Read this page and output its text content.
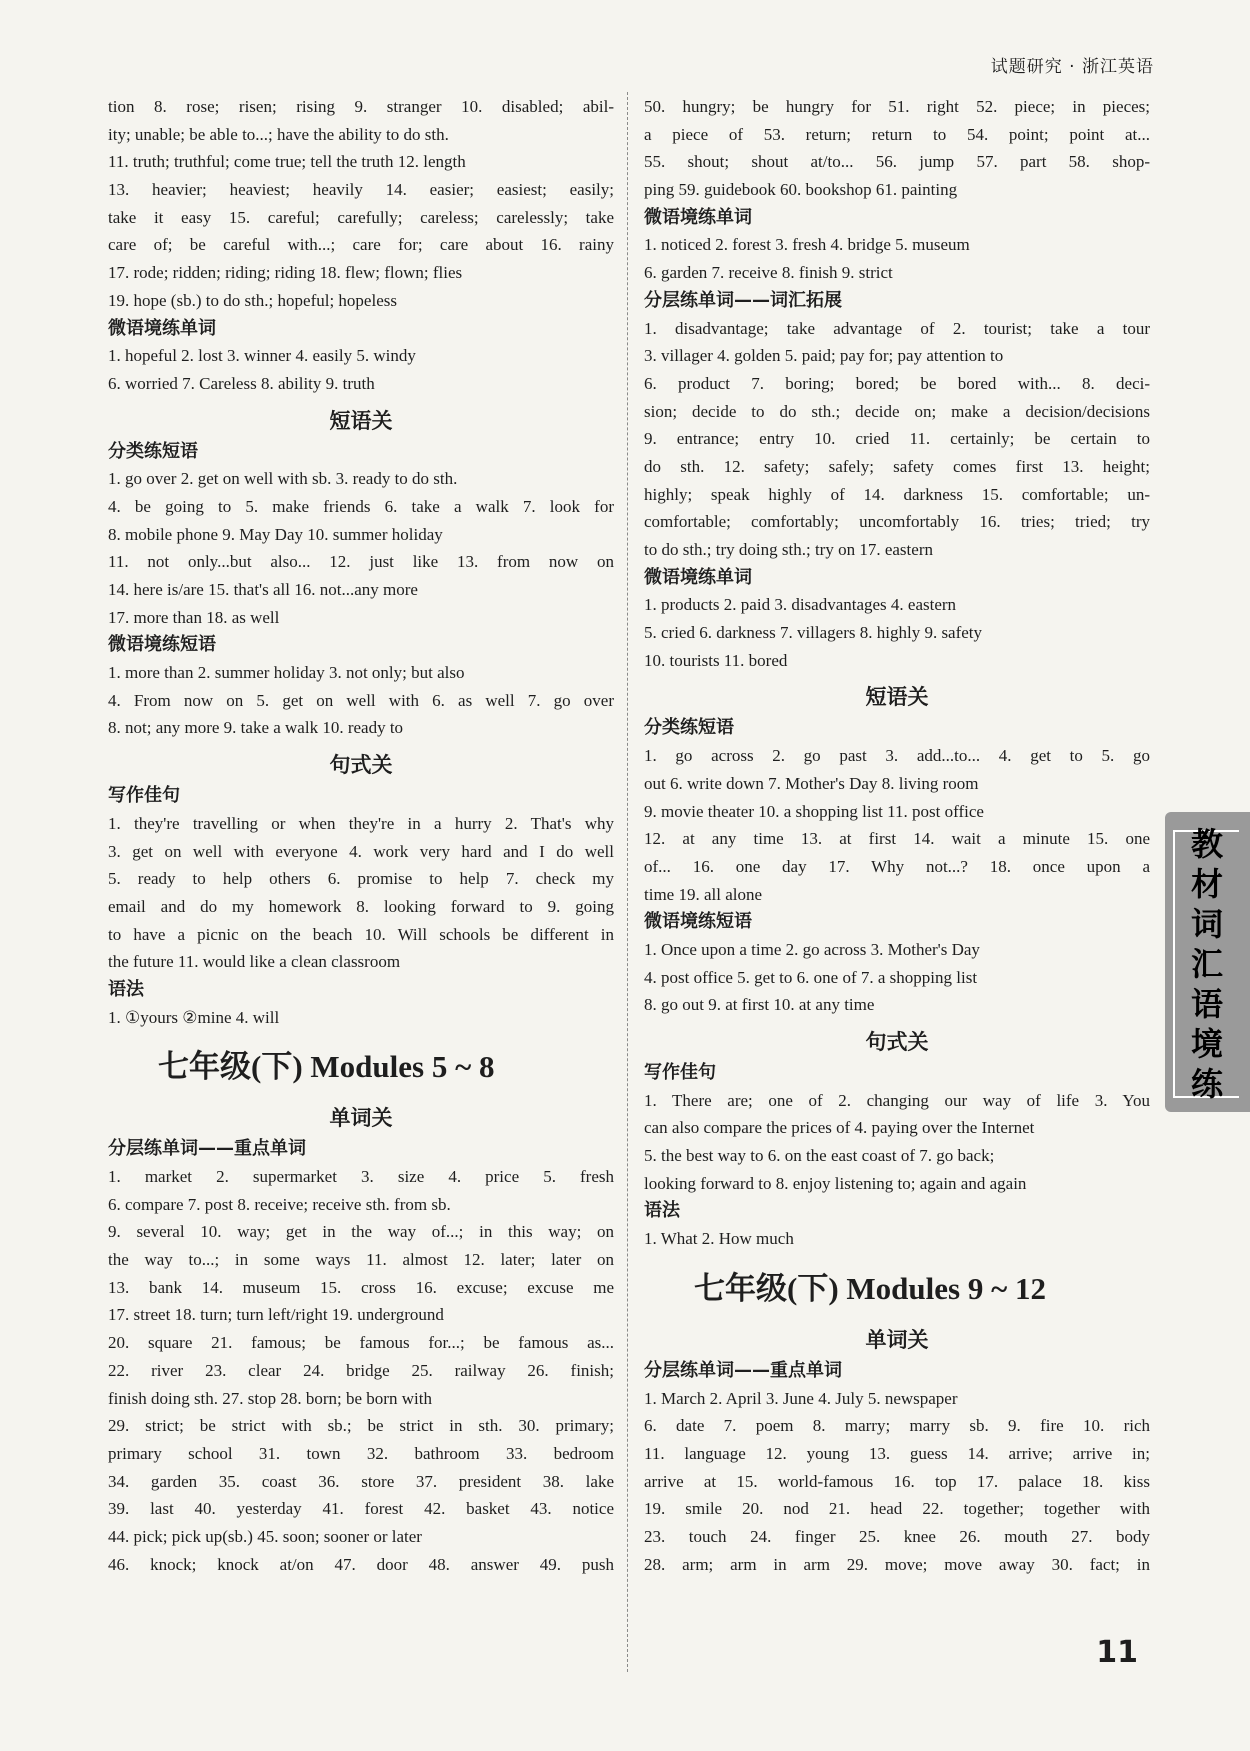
试题研究 · 浙江英语
tion 8. rose; risen; rising 9. stranger 10. disabled; abil-
ity; unable; be able to...; have the ability to do sth.
11. truth; truthful; come true; tell the truth 12. length
13. heavier; heaviest; heavily 14. easier; easiest; easily;
take it easy 15. careful; carefully; careless; carelessly; take
care of; be careful with...; care for; care about 16. rainy
17. rode; ridden; riding; riding 18. flew; flown; flies
19. hope (sb.) to do sth.; hopeful; hopeless
微语境练单词
1. hopeful 2. lost 3. winner 4. easily 5. windy
6. worried 7. Careless 8. ability 9. truth
短语关
分类练短语
1. go over 2. get on well with sb. 3. ready to do sth.
4. be going to 5. make friends 6. take a walk 7. look for
8. mobile phone 9. May Day 10. summer holiday
11. not only...but also... 12. just like 13. from now on
14. here is/are 15. that's all 16. not...any more
17. more than 18. as well
微语境练短语
1. more than 2. summer holiday 3. not only; but also
4. From now on 5. get on well with 6. as well 7. go over
8. not; any more 9. take a walk 10. ready to
句式关
写作佳句
1. they're travelling or when they're in a hurry 2. That's why
3. get on well with everyone 4. work very hard and I do well
5. ready to help others 6. promise to help 7. check my
email and do my homework 8. looking forward to 9. going
to have a picnic on the beach 10. Will schools be different in
the future 11. would like a clean classroom
语法
1. ①yours ②mine 4. will
七年级(下) Modules 5 ~ 8
单词关
分层练单词——重点单词
1. market 2. supermarket 3. size 4. price 5. fresh
6. compare 7. post 8. receive; receive sth. from sb.
9. several 10. way; get in the way of...; in this way; on
the way to...; in some ways 11. almost 12. later; later on
13. bank 14. museum 15. cross 16. excuse; excuse me
17. street 18. turn; turn left/right 19. underground
20. square 21. famous; be famous for...; be famous as...
22. river 23. clear 24. bridge 25. railway 26. finish;
finish doing sth. 27. stop 28. born; be born with
29. strict; be strict with sb.; be strict in sth. 30. primary;
primary school 31. town 32. bathroom 33. bedroom
34. garden 35. coast 36. store 37. president 38. lake
39. last 40. yesterday 41. forest 42. basket 43. notice
44. pick; pick up(sb.) 45. soon; sooner or later
46. knock; knock at/on 47. door 48. answer 49. push
50. hungry; be hungry for 51. right 52. piece; in pieces;
a piece of 53. return; return to 54. point; point at...
55. shout; shout at/to... 56. jump 57. part 58. shop-
ping 59. guidebook 60. bookshop 61. painting
微语境练单词
1. noticed 2. forest 3. fresh 4. bridge 5. museum
6. garden 7. receive 8. finish 9. strict
分层练单词——词汇拓展
1. disadvantage; take advantage of 2. tourist; take a tour
3. villager 4. golden 5. paid; pay for; pay attention to
6. product 7. boring; bored; be bored with... 8. deci-
sion; decide to do sth.; decide on; make a decision/decisions
9. entrance; entry 10. cried 11. certainly; be certain to
do sth. 12. safety; safely; safety comes first 13. height;
highly; speak highly of 14. darkness 15. comfortable; un-
comfortable; comfortably; uncomfortably 16. tries; tried; try
to do sth.; try doing sth.; try on 17. eastern
微语境练单词
1. products 2. paid 3. disadvantages 4. eastern
5. cried 6. darkness 7. villagers 8. highly 9. safety
10. tourists 11. bored
短语关
分类练短语
1. go across 2. go past 3. add...to... 4. get to 5. go
out 6. write down 7. Mother's Day 8. living room
9. movie theater 10. a shopping list 11. post office
12. at any time 13. at first 14. wait a minute 15. one
of... 16. one day 17. Why not...? 18. once upon a
time 19. all alone
微语境练短语
1. Once upon a time 2. go across 3. Mother's Day
4. post office 5. get to 6. one of 7. a shopping list
8. go out 9. at first 10. at any time
句式关
写作佳句
1. There are; one of 2. changing our way of life 3. You
can also compare the prices of 4. paying over the Internet
5. the best way to 6. on the east coast of 7. go back;
looking forward to 8. enjoy listening to; again and again
语法
1. What 2. How much
七年级(下) Modules 9 ~ 12
单词关
分层练单词——重点单词
1. March 2. April 3. June 4. July 5. newspaper
6. date 7. poem 8. marry; marry sb. 9. fire 10. rich
11. language 12. young 13. guess 14. arrive; arrive in;
arrive at 15. world-famous 16. top 17. palace 18. kiss
19. smile 20. nod 21. head 22. together; together with
23. touch 24. finger 25. knee 26. mouth 27. body
28. arm; arm in arm 29. move; move away 30. fact; in
教
材
词
汇
语
境
练
11
